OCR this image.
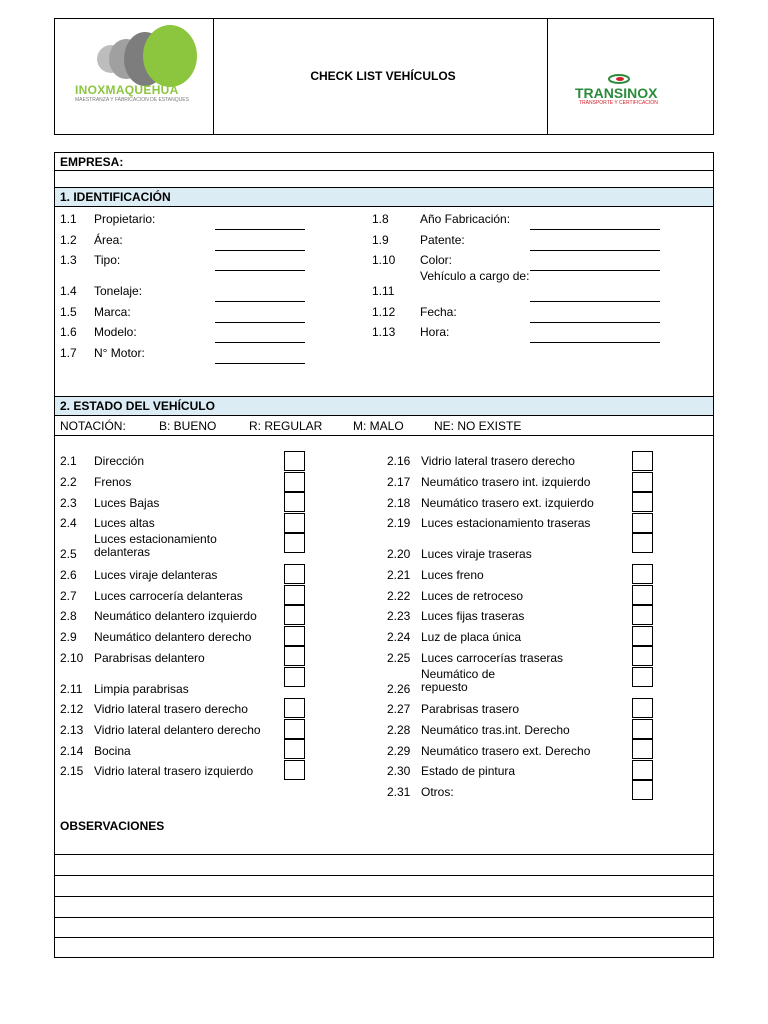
INOXMAQUEHUA
MAESTRANZA Y FABRICACION DE ESTANQUES
CHECK LIST VEHÍCULOS
TRANSINOX
TRANSPORTE Y CERTIFICACION
EMPRESA:
1. IDENTIFICACIÓN
1.1 Propietario:
1.2 Área:
1.3 Tipo:
1.4 Tonelaje:
1.5 Marca:
1.6 Modelo:
1.7 N° Motor:
1.8	Año Fabricación:
1.9	Patente:
1.10 Color:
1.11
Vehículo a cargo de:
1.12 Fecha:
1.13 Hora:
2. ESTADO DEL VEHÍCULO
NOTACIÓN:	B: BUENO	R: REGULAR	M: MALO	NE: NO EXISTE
2.1 Dirección
2.2 Frenos
2.3 Luces Bajas
2.4 Luces altas
2.5
Luces estacionamiento delanteras
2.6 Luces viraje delanteras
2.7 Luces carrocería delanteras
2.8 Neumático delantero izquierdo
2.9 Neumático delantero derecho
2.10 Parabrisas delantero
2.11 Limpia parabrisas
2.12 Vidrio lateral trasero derecho
2.13 Vidrio lateral delantero derecho
2.14 Bocina
2.15 Vidrio lateral trasero izquierdo
2.16 Vidrio lateral trasero derecho
2.17 Neumático trasero int. izquierdo
2.18 Neumático trasero ext. izquierdo
2.19 Luces estacionamiento traseras
2.20 Luces viraje traseras
2.21 Luces freno
2.22 Luces de retroceso
2.23 Luces fijas traseras
2.24 Luz de placa única
2.25 Luces carrocerías traseras
2.26
Neumático de repuesto
2.27 Parabrisas trasero
2.28 Neumático tras.int. Derecho
2.29 Neumático trasero ext. Derecho
2.30 Estado de pintura
2.31 Otros:
OBSERVACIONES
